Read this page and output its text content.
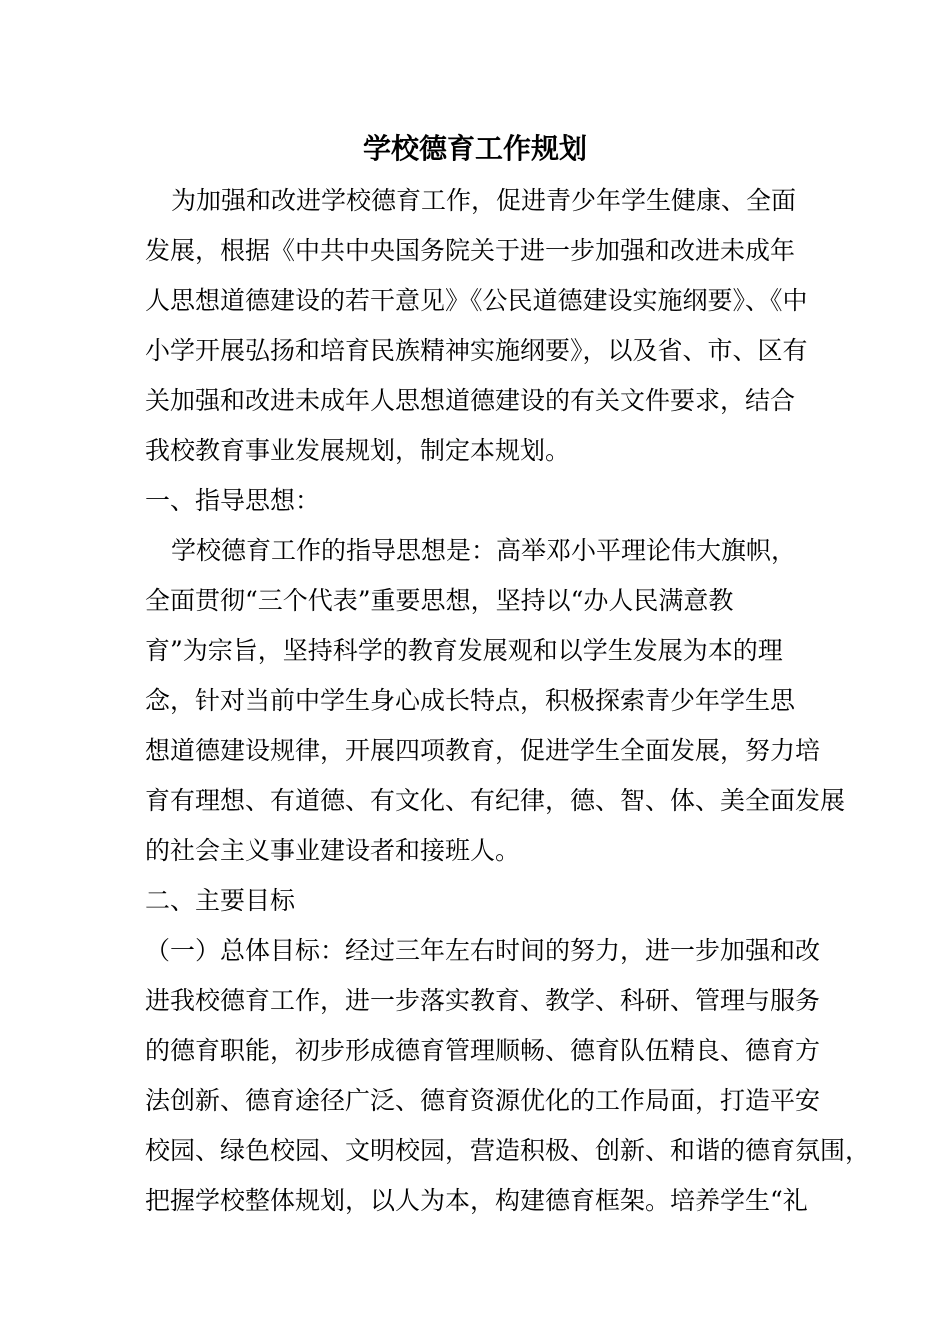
学校德育工作规划
为加强和改进学校德育工作，促进青少年学生健康、全面
发展，根据《中共中央国务院关于进一步加强和改进未成年
人思想道德建设的若干意见》《公民道德建设实施纲要》、《中
小学开展弘扬和培育民族精神实施纲要》，以及省、市、区有
关加强和改进未成年人思想道德建设的有关文件要求，结合
我校教育事业发展规划，制定本规划。
一、指导思想：
学校德育工作的指导思想是：高举邓小平理论伟大旗帜，
全面贯彻“三个代表”重要思想，坚持以“办人民满意教
育”为宗旨，坚持科学的教育发展观和以学生发展为本的理
念，针对当前中学生身心成长特点，积极探索青少年学生思
想道德建设规律，开展四项教育，促进学生全面发展，努力培
育有理想、有道德、有文化、有纪律，德、智、体、美全面发展
的社会主义事业建设者和接班人。
二、主要目标
（一）总体目标：经过三年左右时间的努力，进一步加强和改
进我校德育工作，进一步落实教育、教学、科研、管理与服务
的德育职能，初步形成德育管理顺畅、德育队伍精良、德育方
法创新、德育途径广泛、德育资源优化的工作局面，打造平安
校园、绿色校园、文明校园，营造积极、创新、和谐的德育氛围，
把握学校整体规划，以人为本，构建德育框架。培养学生“礼
